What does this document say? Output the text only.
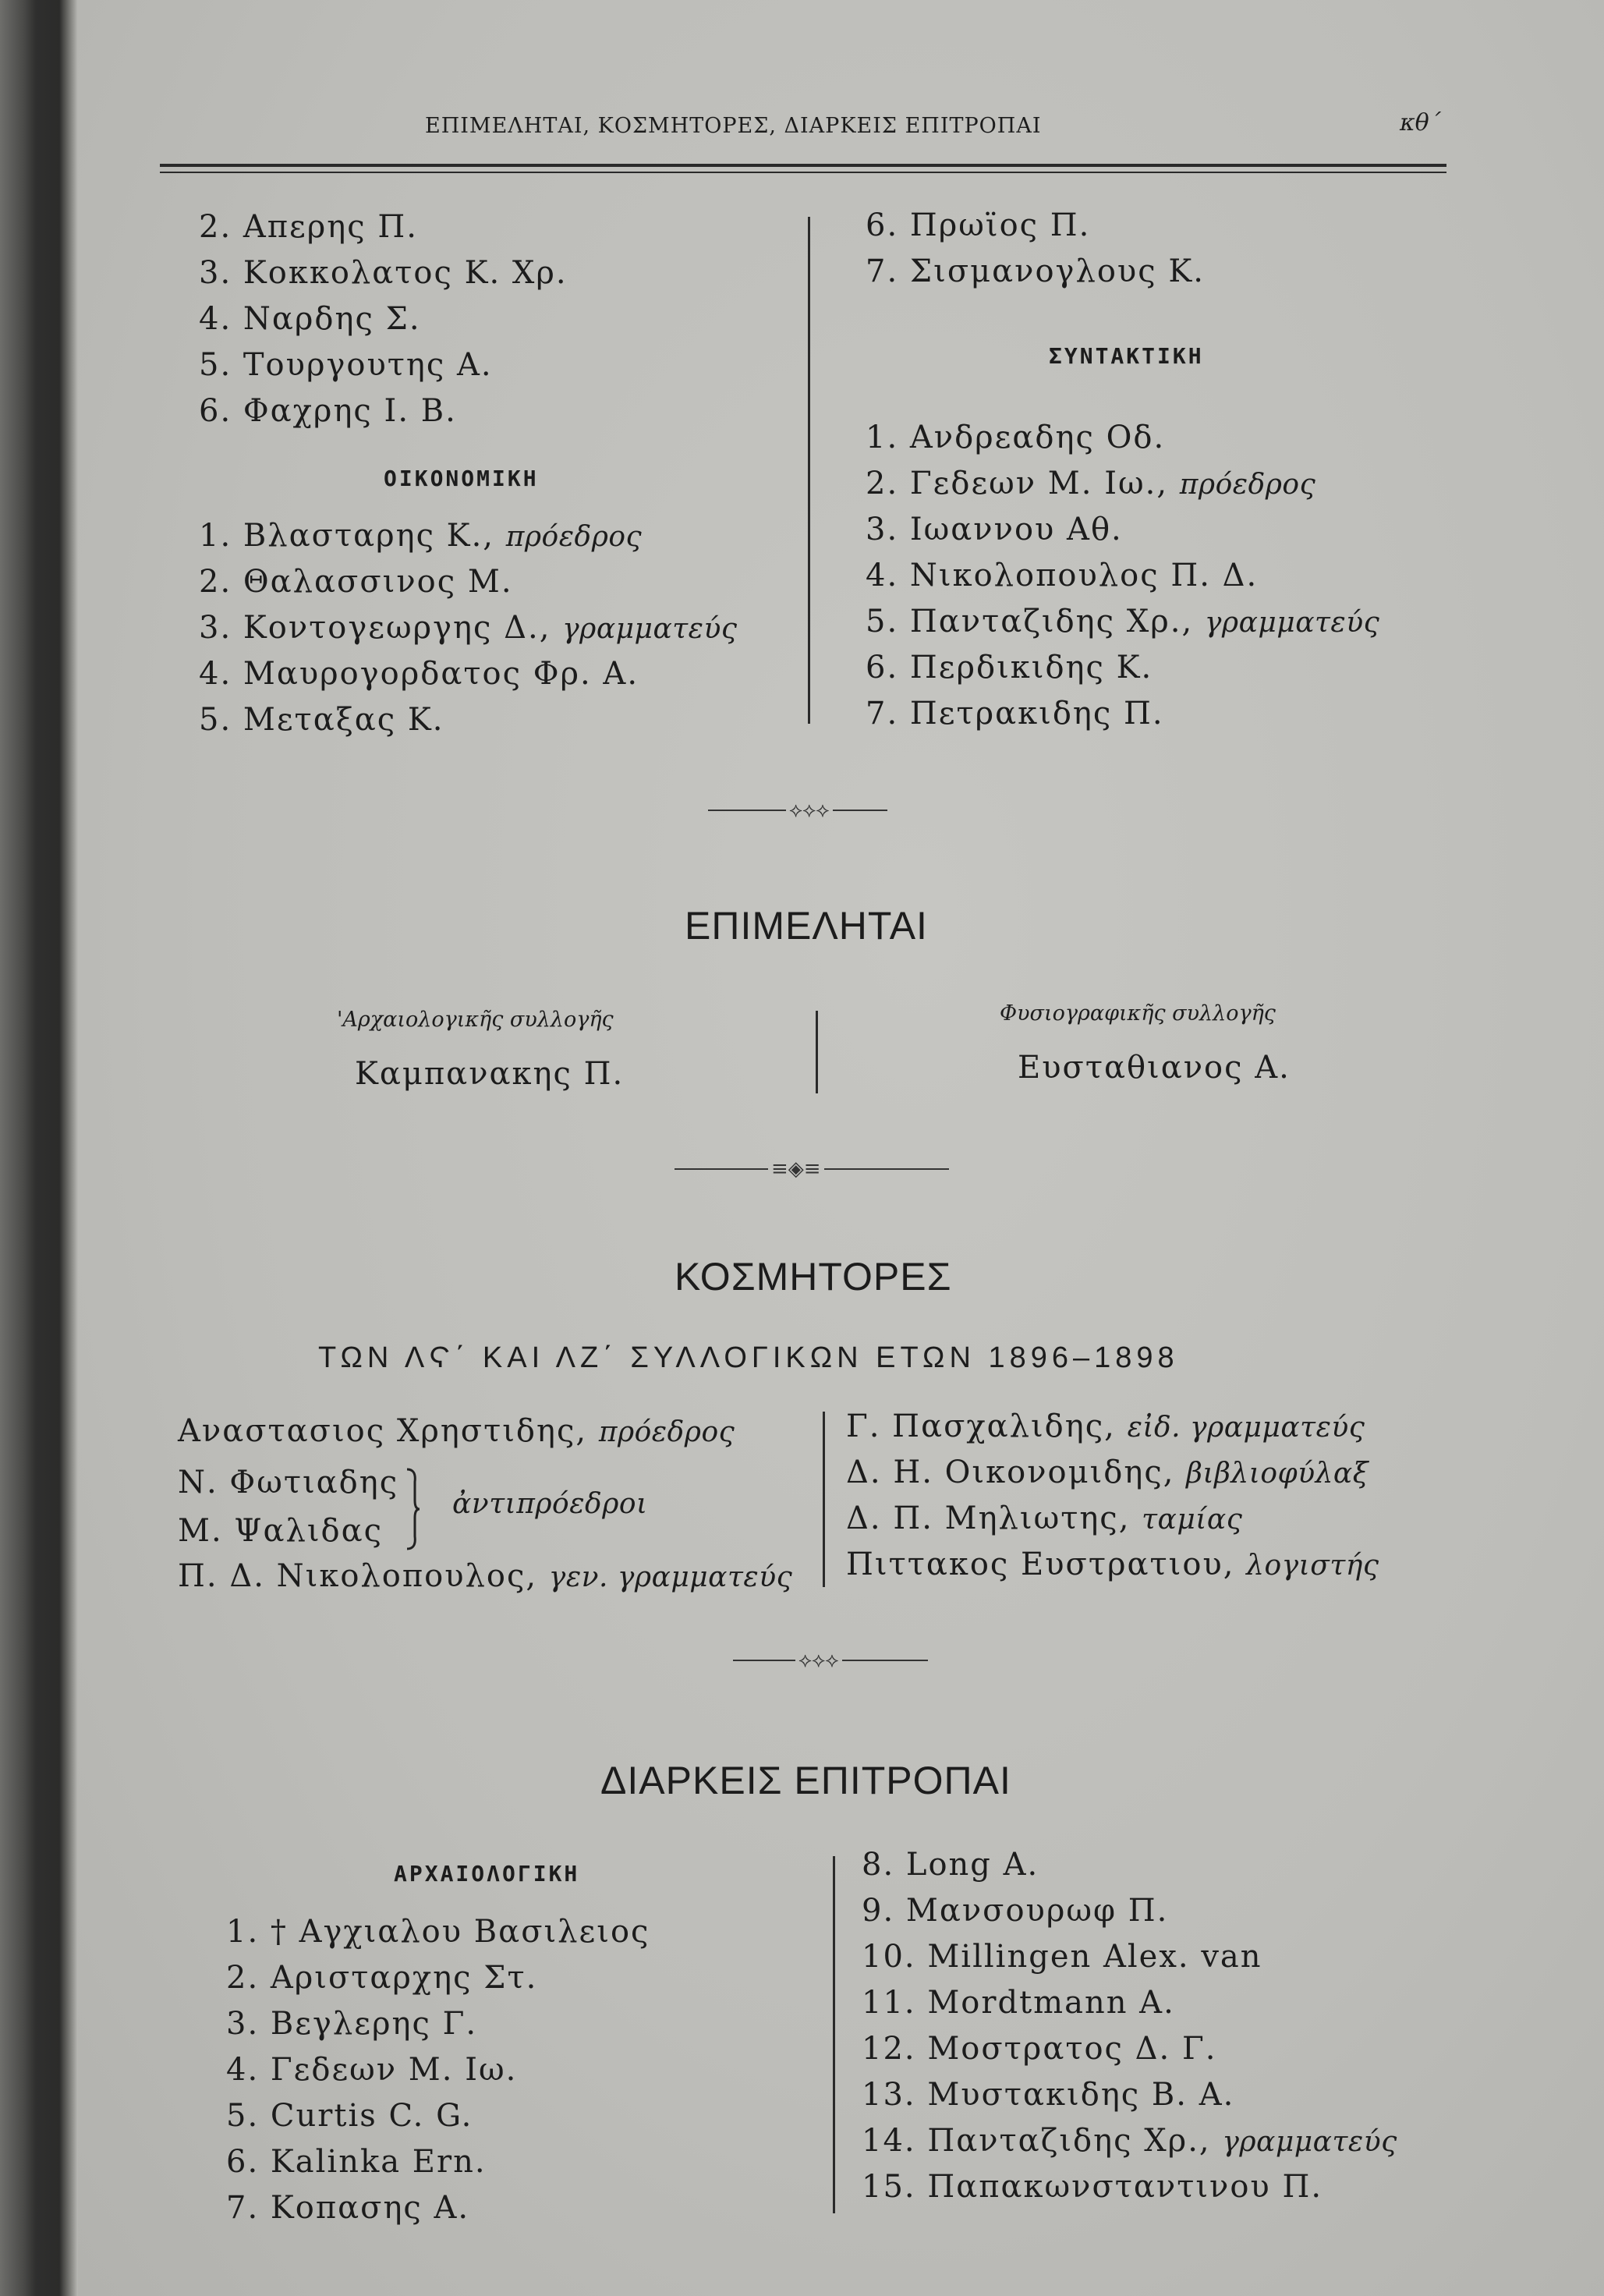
ΕΠΙΜΕΛΗΤΑΙ, ΚΟΣΜΗΤΟΡΕΣ, ΔΙΑΡΚΕΙΣ ΕΠΙΤΡΟΠΑΙ	κθ΄
2. Απερης Π.
3. Κοκκολατος Κ. Χρ.
4. Ναρδης Σ.
5. Τουργουτης Α.
6. Φαχρης Ι. Β.
ΟΙΚΟΝΟΜΙΚΗ
1. Βλασταρης Κ., πρόεδρος
2. Θαλασσινος Μ.
3. Κοντογεωργης Δ., γραμματεύς
4. Μαυρογορδατος Φρ. Α.
5. Μεταξας Κ.
6. Πρωϊος Π.
7. Σισμανογλους Κ.
ΣΥΝΤΑΚΤΙΚΗ
1. Ανδρεαδης Οδ.
2. Γεδεων Μ. Ιω., πρόεδρος
3. Ιωαννου Αθ.
4. Νικολοπουλος Π. Δ.
5. Πανταζιδης Χρ., γραμματεύς
6. Περδικιδης Κ.
7. Πετρακιδης Π.
⟡⟡⟡
ΕΠΙΜΕΛΗΤΑΙ
'Αρχαιολογικῆς συλλογῆς
Καμπανακης Π.
Φυσιογραφικῆς συλλογῆς
Ευσταθιανος Α.
≡◈≡
ΚΟΣΜΗΤΟΡΕΣ
ΤΩΝ ΛϚ΄ ΚΑΙ ΛΖ΄ ΣΥΛΛΟΓΙΚΩΝ ΕΤΩΝ 1896–1898
Αναστασιος Χρηστιδης, πρόεδρος
Ν. Φωτιαδης
Μ. Ψαλιδας
ἀντιπρόεδροι
Π. Δ. Νικολοπουλος, γεν. γραμματεύς
Γ. Πασχαλιδης, εἰδ. γραμματεύς
Δ. Η. Οικονομιδης, βιβλιοφύλαξ
Δ. Π. Μηλιωτης, ταμίας
Πιττακος Ευστρατιου, λογιστής
⟡⟡⟡
ΔΙΑΡΚΕΙΣ ΕΠΙΤΡΟΠΑΙ
ΑΡΧΑΙΟΛΟΓΙΚΗ
1. † Αγχιαλου Βασιλειος
2. Αρισταρχης Στ.
3. Βεγλερης Γ.
4. Γεδεων Μ. Ιω.
5. Curtis C. G.
6. Kalinka Ern.
7. Κοπασης Α.
8. Long A.
9. Μανσουρωφ Π.
10. Millingen Alex. van
11. Mordtmann A.
12. Μοστρατος Δ. Γ.
13. Μυστακιδης Β. Α.
14. Πανταζιδης Χρ., γραμματεύς
15. Παπακωνσταντινου Π.
